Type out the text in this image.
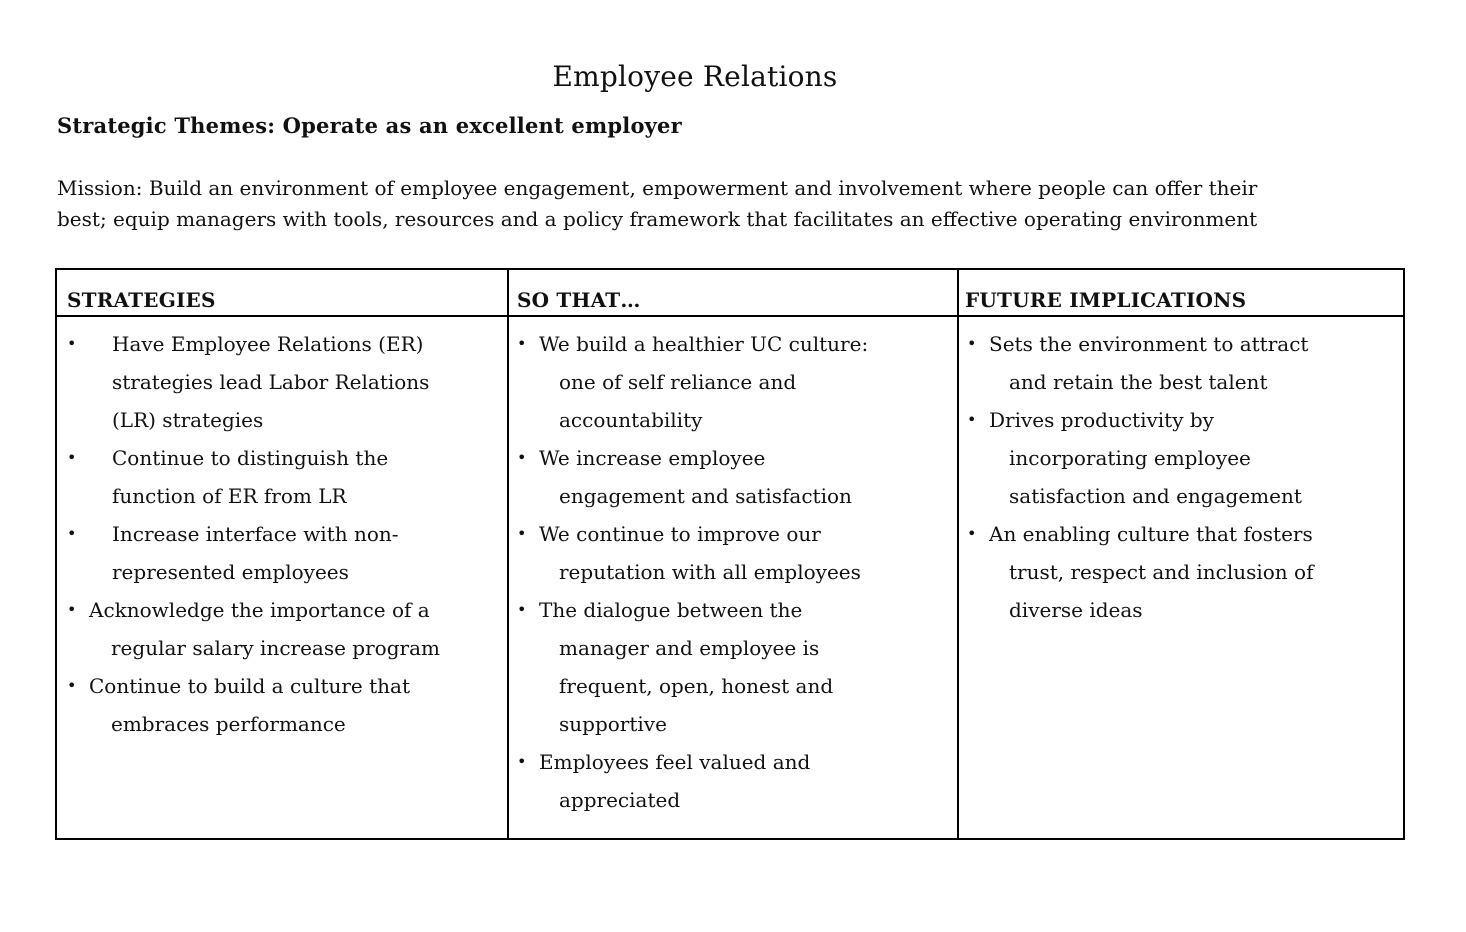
Employee Relations
Strategic Themes: Operate as an excellent employer
Mission: Build an environment of employee engagement, empowerment and involvement where people can offer their
best; equip managers with tools, resources and a policy framework that facilitates an effective operating environment
STRATEGIES
• Have Employee Relations (ER)
strategies lead Labor Relations
(LR) strategies
• Continue to distinguish the
function of ER from LR
• Increase interface with non-
represented employees
• Acknowledge the importance of a
regular salary increase program
• Continue to build a culture that
embraces performance
SO THAT…
• We build a healthier UC culture:
one of self reliance and
accountability
• We increase employee
engagement and satisfaction
• We continue to improve our
reputation with all employees
• The dialogue between the
manager and employee is
frequent, open, honest and
supportive
• Employees feel valued and
appreciated
FUTURE IMPLICATIONS
• Sets the environment to attract
and retain the best talent
• Drives productivity by
incorporating employee
satisfaction and engagement
• An enabling culture that fosters
trust, respect and inclusion of
diverse ideas
